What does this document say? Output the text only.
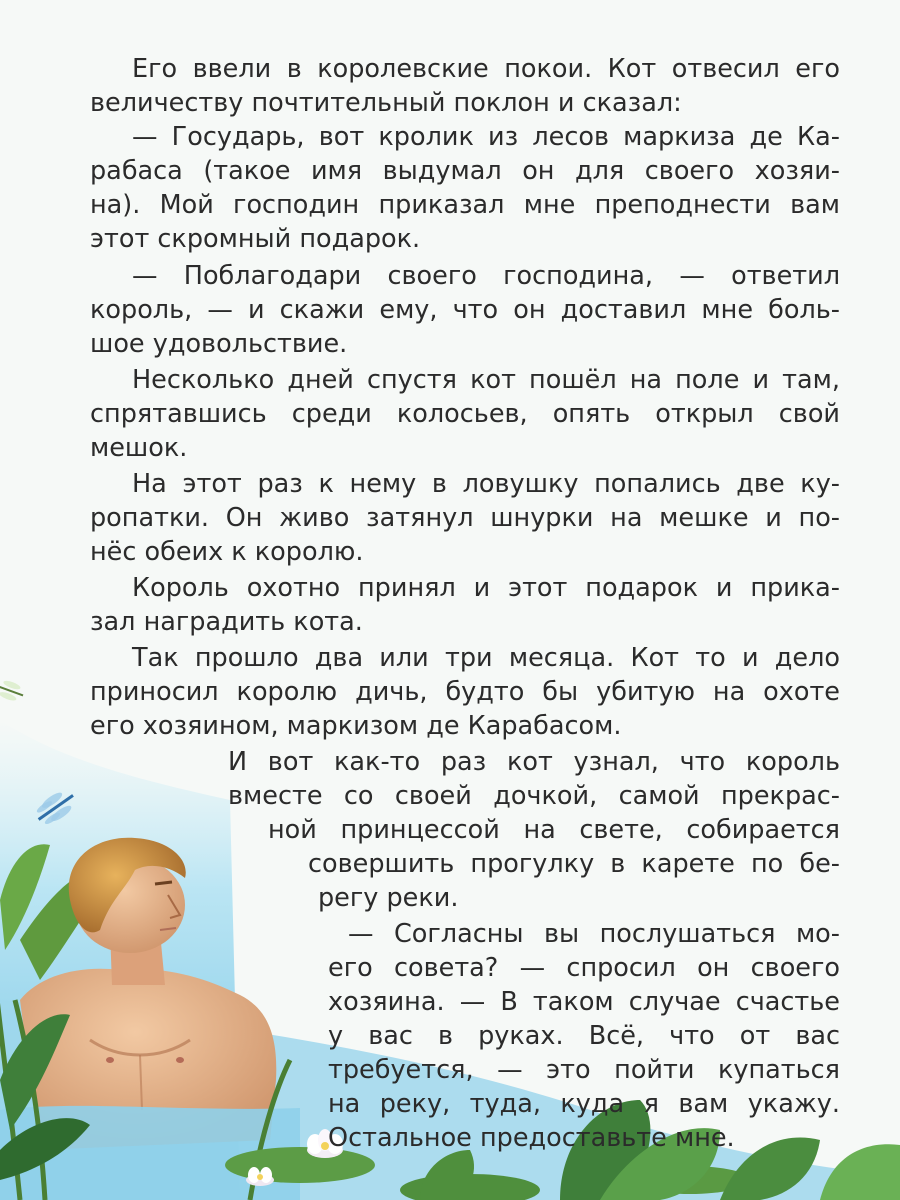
Его ввели в королевские покои. Кот отвесил его
величеству почтительный поклон и сказал:
— Государь, вот кролик из лесов маркиза де Ка-
рабаса (такое имя выдумал он для своего хозяи-
на). Мой господин приказал мне преподнести вам
этот скромный подарок.
— Поблагодари своего господина, — ответил
король, — и скажи ему, что он доставил мне боль-
шое удовольствие.
Несколько дней спустя кот пошёл на поле и там,
спрятавшись среди колосьев, опять открыл свой
мешок.
На этот раз к нему в ловушку попались две ку-
ропатки. Он живо затянул шнурки на мешке и по-
нёс обеих к королю.
Король охотно принял и этот подарок и прика-
зал наградить кота.
Так прошло два или три месяца. Кот то и дело
приносил королю дичь, будто бы убитую на охоте
его хозяином, маркизом де Карабасом.
И вот как-то раз кот узнал, что король
вместе со своей дочкой, самой прекрас-
ной принцессой на свете, собирается
совершить прогулку в карете по бе-
регу реки.
— Согласны вы послушаться мо-
его совета? — спросил он своего
хозяина. — В таком случае счастье
у вас в руках. Всё, что от вас
требуется, — это пойти купаться
на реку, туда, куда я вам укажу.
Остальное предоставьте мне.
